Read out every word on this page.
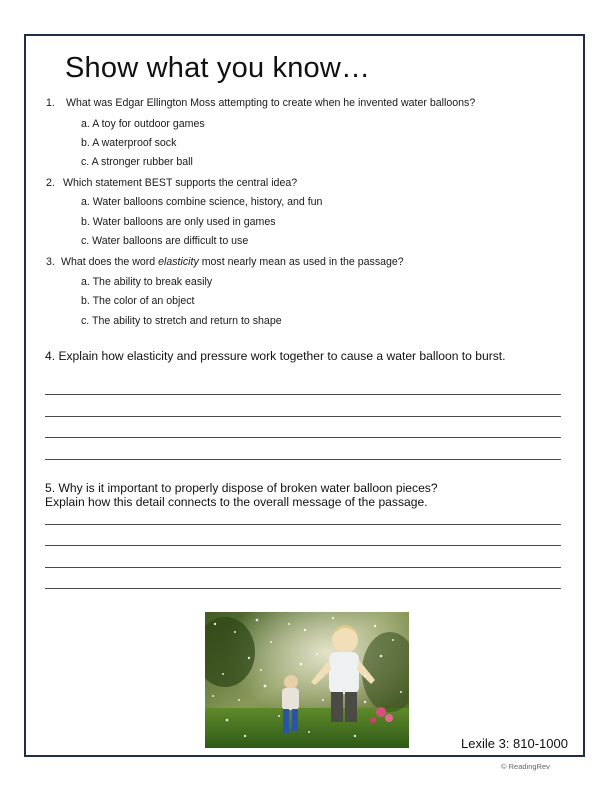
Show what you know…
1. What was Edgar Ellington Moss attempting to create when he invented water balloons?
a. A toy for outdoor games
b. A waterproof sock
c. A stronger rubber ball
2. Which statement BEST supports the central idea?
a. Water balloons combine science, history, and fun
b. Water balloons are only used in games
c. Water balloons are difficult to use
3. What does the word elasticity most nearly mean as used in the passage?
a. The ability to break easily
b. The color of an object
c. The ability to stretch and return to shape
4. Explain how elasticity and pressure work together to cause a water balloon to burst.
5. Why is it important to properly dispose of broken water balloon pieces?
Explain how this detail connects to the overall message of the passage.
Lexile 3: 810-1000
© ReadingRev
